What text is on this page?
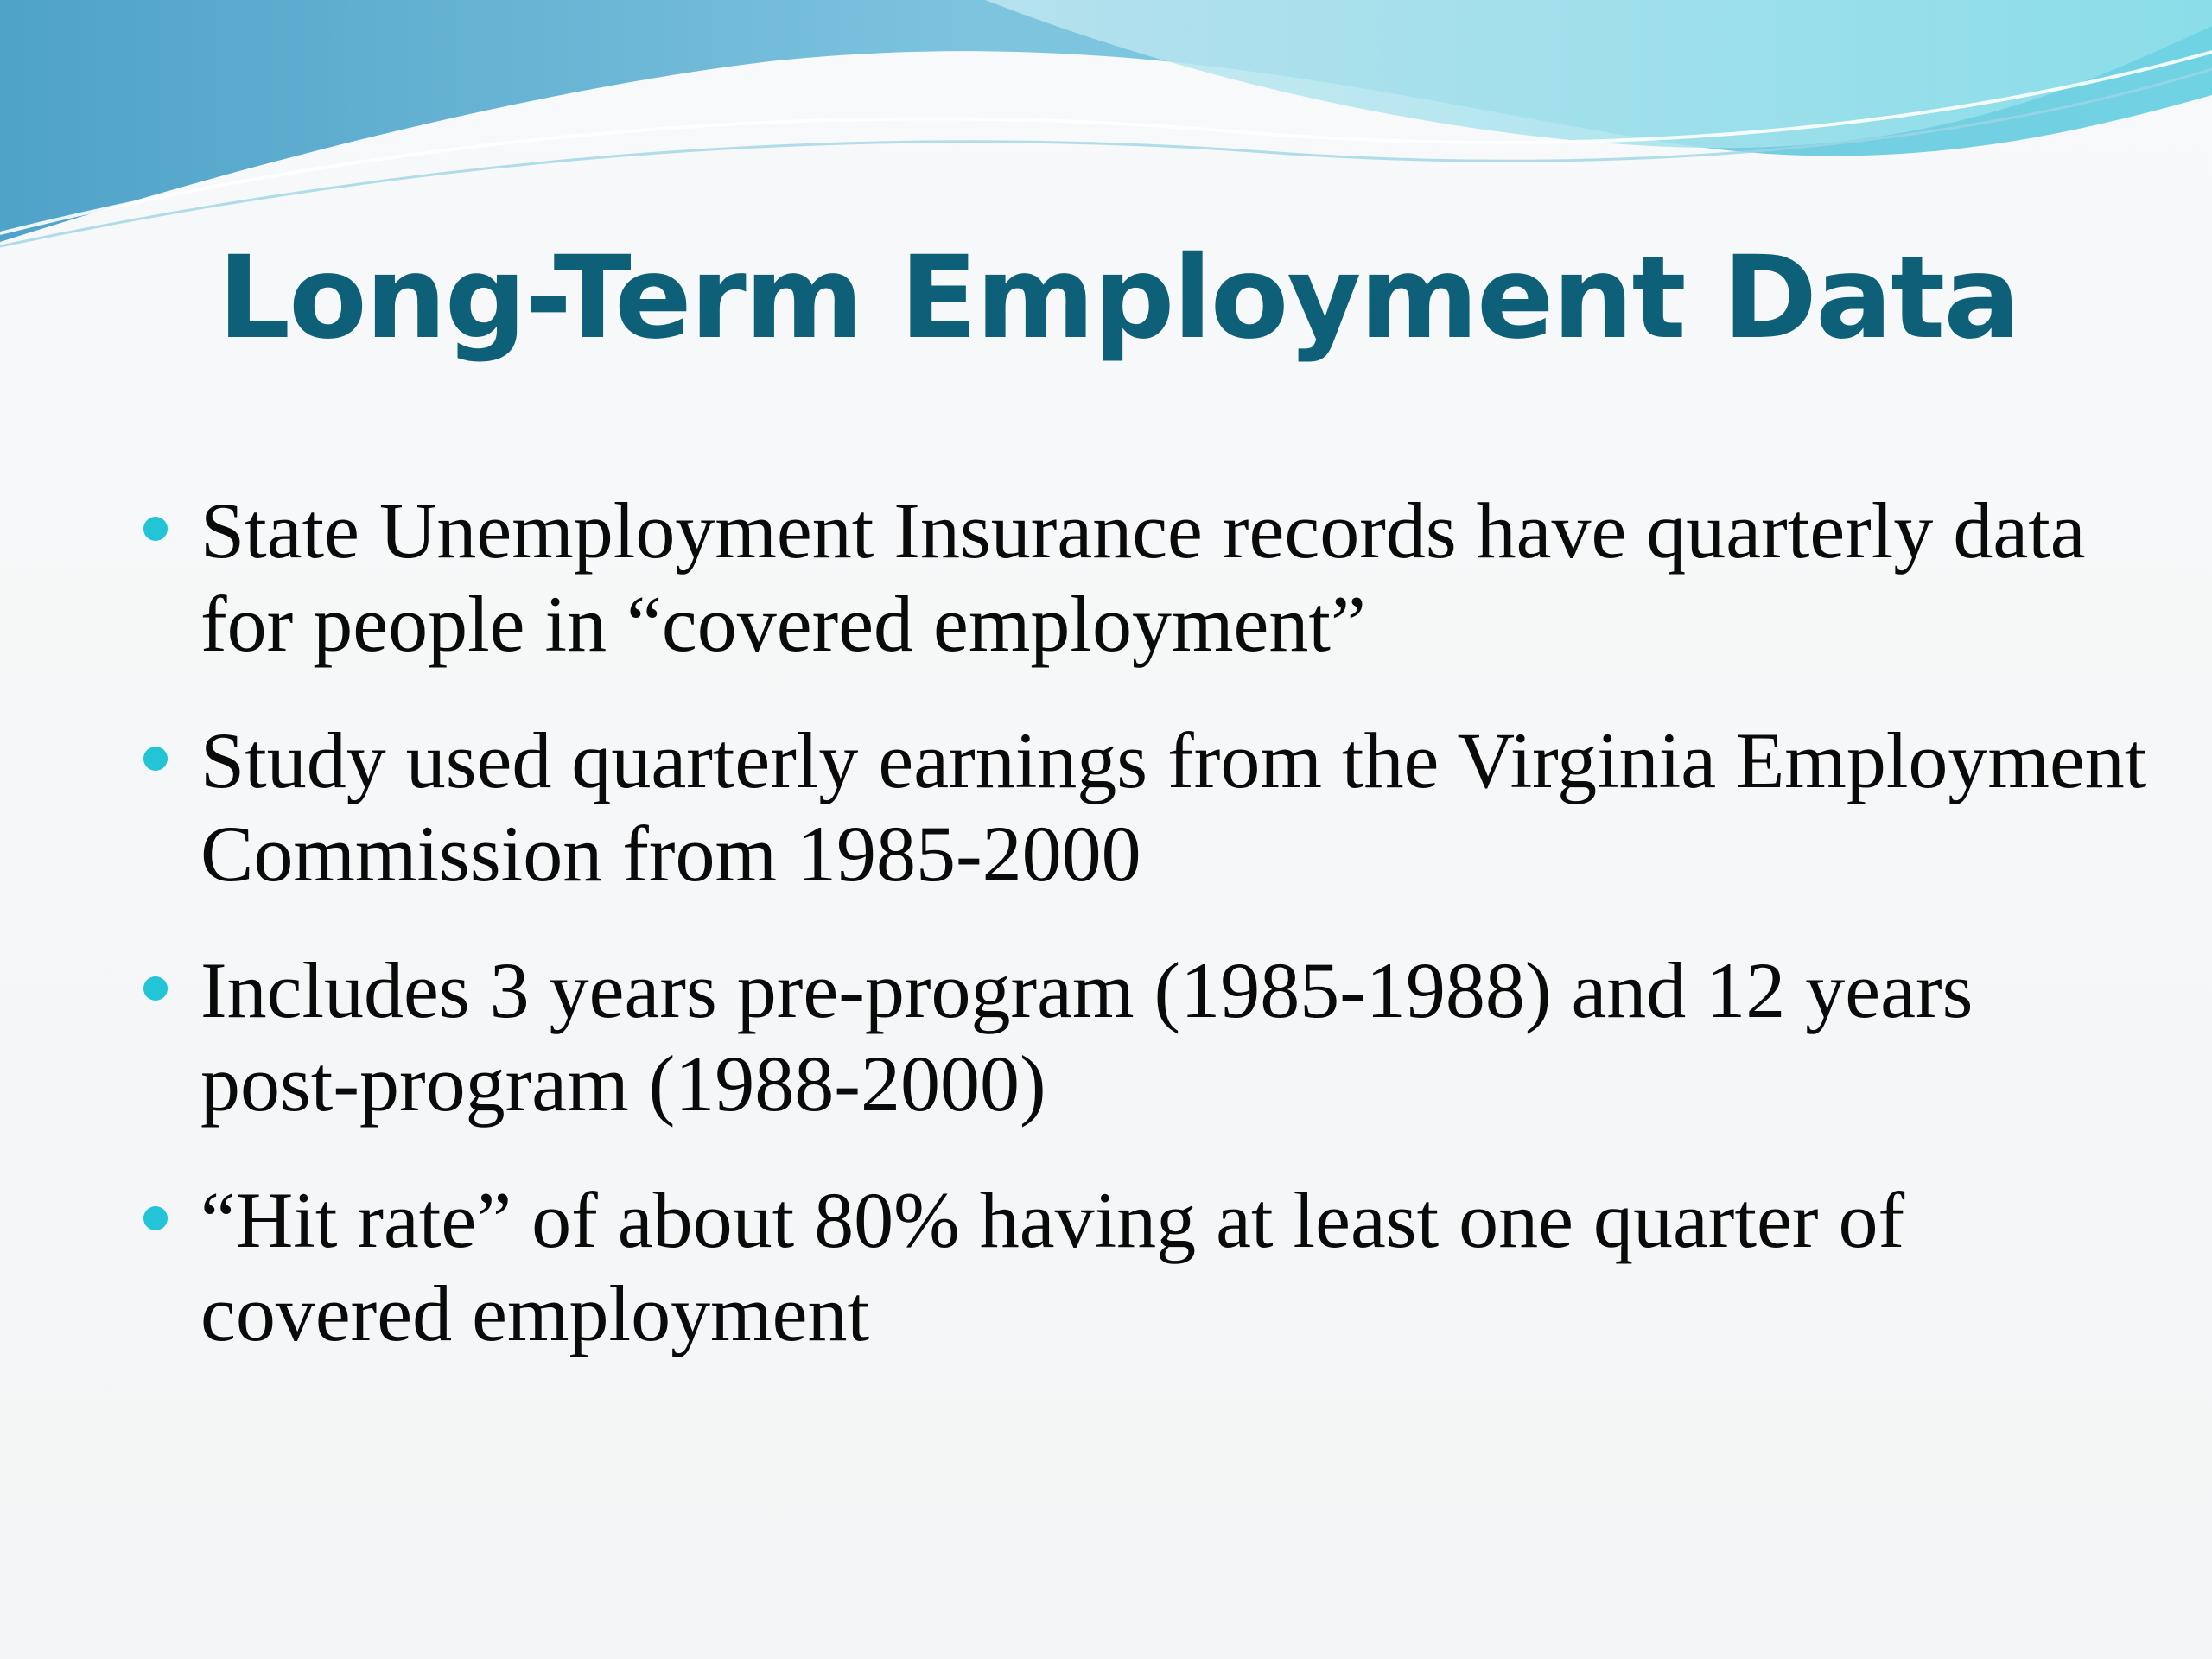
Long-Term Employment Data
State Unemployment Insurance records have quarterly data for people in “covered employment”
Study used quarterly earnings from the Virginia Employment Commission from 1985-2000
Includes 3 years pre-program (1985-1988) and 12 years post-program (1988-2000)
“Hit rate” of about 80% having at least one quarter of covered employment
